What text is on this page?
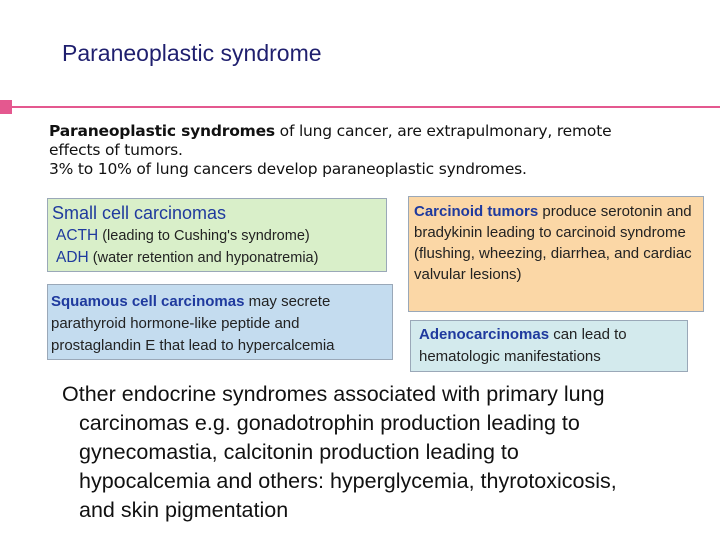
Paraneoplastic syndrome
Paraneoplastic syndromes of lung cancer, are extrapulmonary, remote
effects of tumors.
3% to 10% of lung cancers develop paraneoplastic syndromes.
Small cell carcinomas
ACTH (leading to Cushing's syndrome)
ADH (water retention and hyponatremia)
Squamous cell carcinomas may secrete parathyroid hormone-like peptide and prostaglandin E that lead to hypercalcemia
Carcinoid tumors produce serotonin and bradykinin leading to carcinoid syndrome (flushing, wheezing, diarrhea, and cardiac valvular lesions)
Adenocarcinomas can lead to hematologic manifestations
Other endocrine syndromes associated with primary lung
carcinomas e.g. gonadotrophin production leading to
gynecomastia, calcitonin production leading to
hypocalcemia and others: hyperglycemia, thyrotoxicosis,
and skin pigmentation
